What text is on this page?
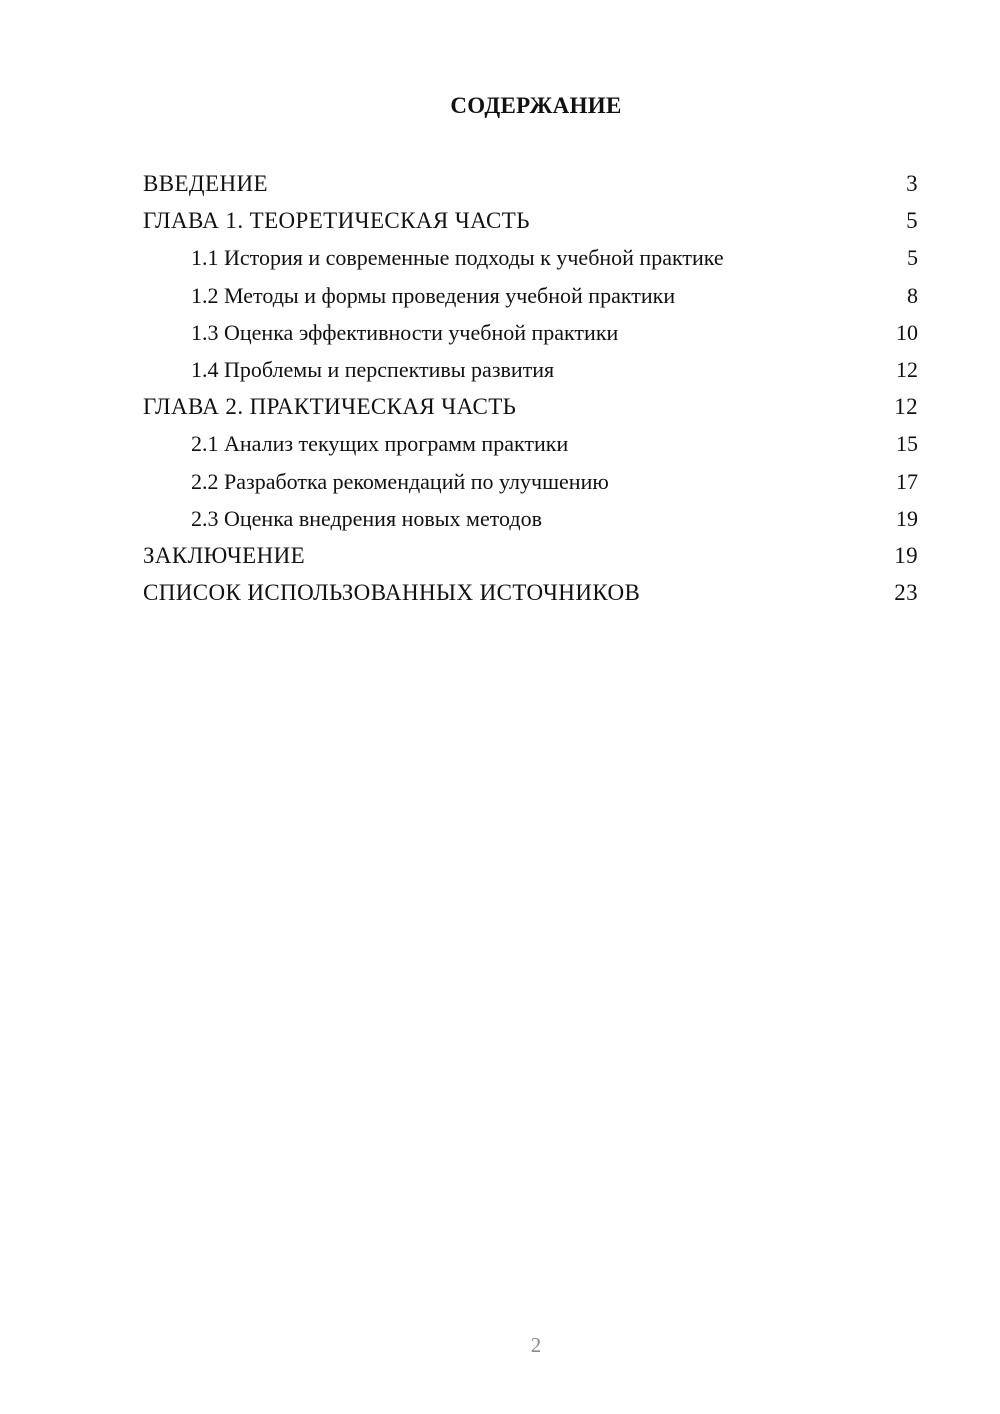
СОДЕРЖАНИЕ
ВВЕДЕНИЕ	3
ГЛАВА 1. ТЕОРЕТИЧЕСКАЯ ЧАСТЬ	5
1.1 История и современные подходы к учебной практике	5
1.2 Методы и формы проведения учебной практики	8
1.3 Оценка эффективности учебной практики	10
1.4 Проблемы и перспективы развития	12
ГЛАВА 2. ПРАКТИЧЕСКАЯ ЧАСТЬ	12
2.1 Анализ текущих программ практики	15
2.2 Разработка рекомендаций по улучшению	17
2.3 Оценка внедрения новых методов	19
ЗАКЛЮЧЕНИЕ	19
СПИСОК ИСПОЛЬЗОВАННЫХ ИСТОЧНИКОВ	23
2
